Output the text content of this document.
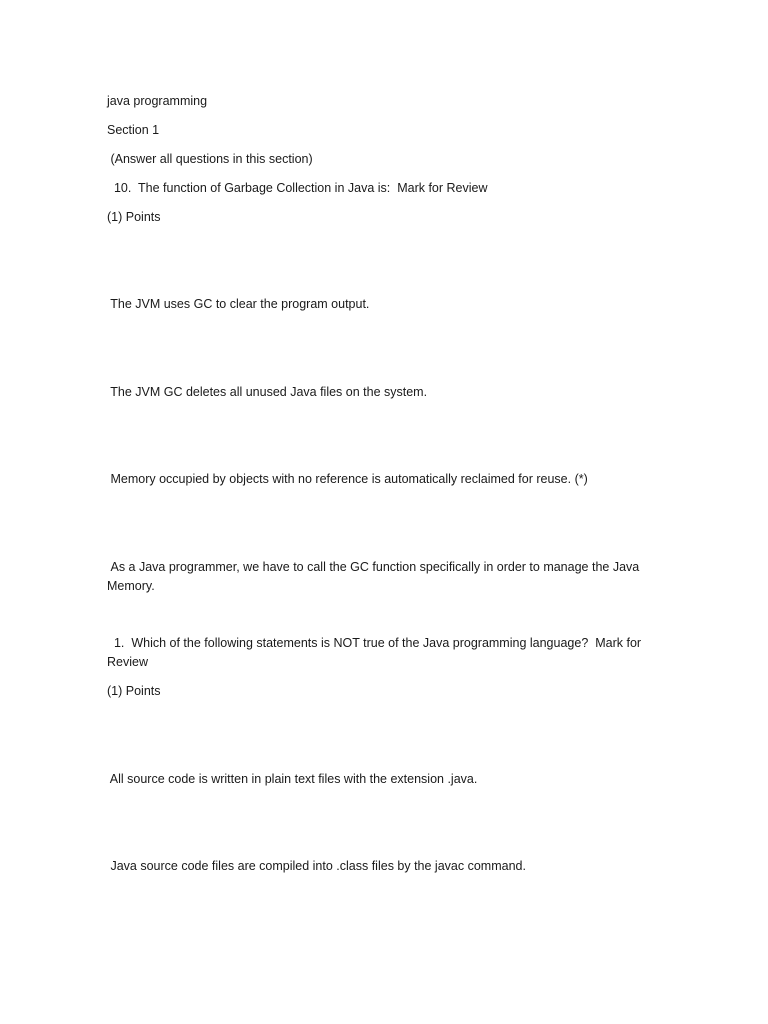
java programming
Section 1
(Answer all questions in this section)
10.  The function of Garbage Collection in Java is:  Mark for Review
(1) Points
The JVM uses GC to clear the program output.
The JVM GC deletes all unused Java files on the system.
Memory occupied by objects with no reference is automatically reclaimed for reuse. (*)
As a Java programmer, we have to call the GC function specifically in order to manage the Java Memory.
1.  Which of the following statements is NOT true of the Java programming language?  Mark for Review
(1) Points
All source code is written in plain text files with the extension .java.
Java source code files are compiled into .class files by the javac command.
